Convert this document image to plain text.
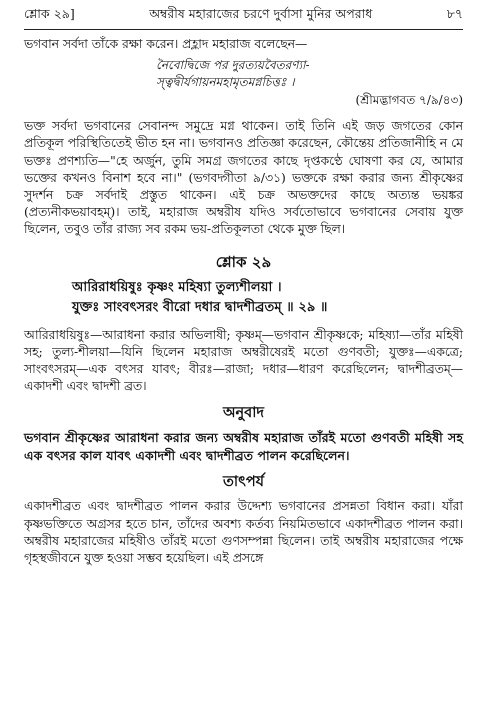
শ্লোক ২৯]	অম্বরীষ মহারাজের চরণে দুর্বাসা মুনির অপরাধ	৮৭

ভগবান সর্বদা তাঁকে রক্ষা করেন। প্রহ্লাদ মহারাজ বলেছেন—

নৈবোদ্বিজে পর দুরত্যয়বৈতরণ্যা-
স্ত্বদ্বীর্যগায়নমহামৃতমগ্নচিত্তঃ ।
(শ্রীমদ্ভাগবত ৭/৯/৪৩)

ভক্ত সর্বদা ভগবানের সেবানন্দ সমুদ্রে মগ্ন থাকেন। তাই তিনি এই জড় জগতের কোন প্রতিকূল পরিস্থিতিতেই ভীত হন না। ভগবানও প্রতিজ্ঞা করেছেন, কৌন্তেয় প্রতিজানীহি ন মে ভক্তঃ প্রণশ্যতি—"হে অর্জুন, তুমি সমগ্র জগতের কাছে দৃপ্তকণ্ঠে ঘোষণা কর যে, আমার ভক্তের কখনও বিনাশ হবে না।" (ভগবদ্গীতা ৯/৩১) ভক্তকে রক্ষা করার জন্য শ্রীকৃষ্ণের সুদর্শন চক্র সর্বদাই প্রস্তুত থাকেন। এই চক্র অভক্তদের কাছে অত্যন্ত ভয়ঙ্কর (প্রত্যনীকভয়াবহম্)। তাই, মহারাজ অম্বরীষ যদিও সর্বতোভাবে ভগবানের সেবায় যুক্ত ছিলেন, তবুও তাঁর রাজ্য সব রকম ভয়-প্রতিকূলতা থেকে মুক্ত ছিল।

শ্লোক ২৯
আরিরাধয়িষুঃ কৃষ্ণং মহিষ্যা তুল্যশীলয়া ।
যুক্তঃ সাংবৎসরং বীরো দধার দ্বাদশীব্রতম্ ॥ ২৯ ॥

আরিরাধয়িষুঃ—আরাধনা করার অভিলাষী; কৃষ্ণম্—ভগবান শ্রীকৃষ্ণকে; মহিষ্যা—তাঁর মহিষী সহ; তুল্য-শীলয়া—যিনি ছিলেন মহারাজ অম্বরীষেরই মতো গুণবতী; যুক্তঃ—একত্রে; সাংবৎসরম্—এক বৎসর যাবৎ; বীরঃ—রাজা; দধার—ধারণ করেছিলেন; দ্বাদশীব্রতম্—একাদশী এবং দ্বাদশী ব্রত।

অনুবাদ

ভগবান শ্রীকৃষ্ণের আরাধনা করার জন্য অম্বরীষ মহারাজ তাঁরই মতো গুণবতী মহিষী সহ এক বৎসর কাল যাবৎ একাদশী এবং দ্বাদশীব্রত পালন করেছিলেন।

তাৎপর্য

একাদশীব্রত এবং দ্বাদশীব্রত পালন করার উদ্দেশ্য ভগবানের প্রসন্নতা বিধান করা। যাঁরা কৃষ্ণভক্তিতে অগ্রসর হতে চান, তাঁদের অবশ্য কর্তব্য নিয়মিতভাবে একাদশীব্রত পালন করা। অম্বরীষ মহারাজের মহিষীও তাঁরই মতো গুণসম্পন্না ছিলেন। তাই অম্বরীষ মহারাজের পক্ষে গৃহস্থজীবনে যুক্ত হওয়া সম্ভব হয়েছিল। এই প্রসঙ্গে
